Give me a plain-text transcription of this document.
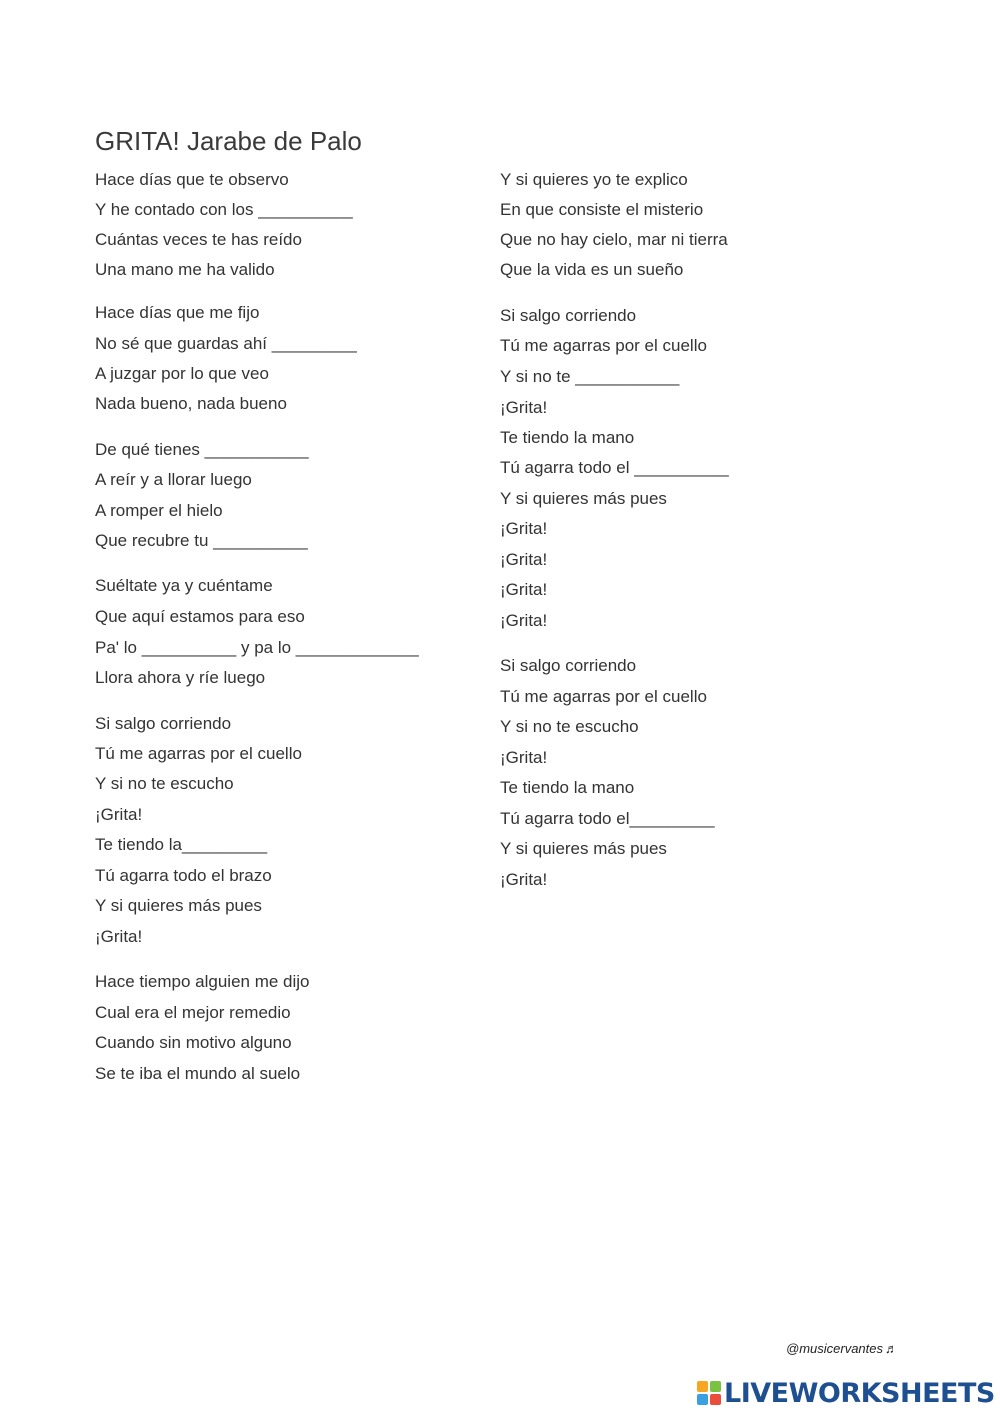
GRITA! Jarabe de Palo
Hace días que te observo
Y he contado con los __________
Cuántas veces te has reído
Una mano me ha valido
Hace días que me fijo
No sé que guardas ahí _________
A juzgar por lo que veo
Nada bueno, nada bueno
De qué tienes ___________
A reír y a llorar luego
A romper el hielo
Que recubre tu __________
Suéltate ya y cuéntame
Que aquí estamos para eso
Pa' lo __________ y pa lo _____________
Llora ahora y ríe luego
Si salgo corriendo
Tú me agarras por el cuello
Y si no te escucho
¡Grita!
Te tiendo la_________
Tú agarra todo el brazo
Y si quieres más pues
¡Grita!
Hace tiempo alguien me dijo
Cual era el mejor remedio
Cuando sin motivo alguno
Se te iba el mundo al suelo
Y si quieres yo te explico
En que consiste el misterio
Que no hay cielo, mar ni tierra
Que la vida es un sueño
Si salgo corriendo
Tú me agarras por el cuello
Y si no te ___________
¡Grita!
Te tiendo la mano
Tú agarra todo el __________
Y si quieres más pues
¡Grita!
¡Grita!
¡Grita!
¡Grita!
Si salgo corriendo
Tú me agarras por el cuello
Y si no te escucho
¡Grita!
Te tiendo la mano
Tú agarra todo el_________
Y si quieres más pues
¡Grita!
@musicervantes ♬
LIVEWORKSHEETS
